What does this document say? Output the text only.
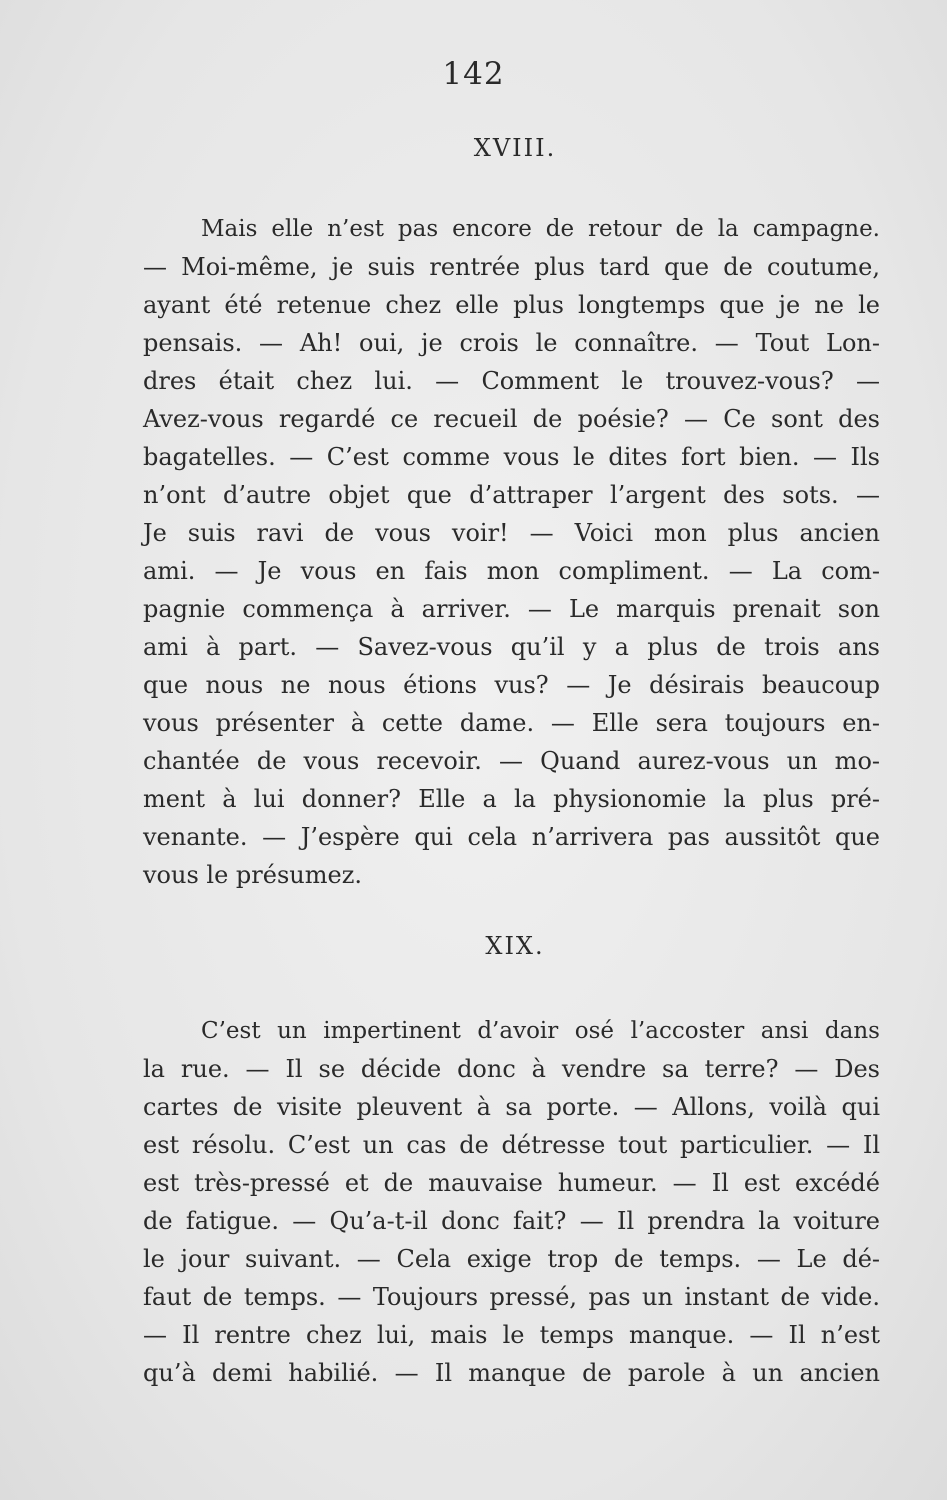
142
XVIII.
Mais elle n’est pas encore de retour de la campagne.
— Moi-même, je suis rentrée plus tard que de coutume,
ayant été retenue chez elle plus longtemps que je ne le
pensais. — Ah! oui, je crois le connaître. — Tout Lon-
dres était chez lui. — Comment le trouvez-vous? —
Avez-vous regardé ce recueil de poésie? — Ce sont des
bagatelles. — C’est comme vous le dites fort bien. — Ils
n’ont d’autre objet que d’attraper l’argent des sots. —
Je suis ravi de vous voir! — Voici mon plus ancien
ami. — Je vous en fais mon compliment. — La com-
pagnie commença à arriver. — Le marquis prenait son
ami à part. — Savez-vous qu’il y a plus de trois ans
que nous ne nous étions vus? — Je désirais beaucoup
vous présenter à cette dame. — Elle sera toujours en-
chantée de vous recevoir. — Quand aurez-vous un mo-
ment à lui donner? Elle a la physionomie la plus pré-
venante. — J’espère qui cela n’arrivera pas aussitôt que
vous le présumez.
XIX.
C’est un impertinent d’avoir osé l’accoster ansi dans
la rue. — Il se décide donc à vendre sa terre? — Des
cartes de visite pleuvent à sa porte. — Allons, voilà qui
est résolu. C’est un cas de détresse tout particulier. — Il
est très-pressé et de mauvaise humeur. — Il est excédé
de fatigue. — Qu’a-t-il donc fait? — Il prendra la voiture
le jour suivant. — Cela exige trop de temps. — Le dé-
faut de temps. — Toujours pressé, pas un instant de vide.
— Il rentre chez lui, mais le temps manque. — Il n’est
qu’à demi habilié. — Il manque de parole à un ancien
